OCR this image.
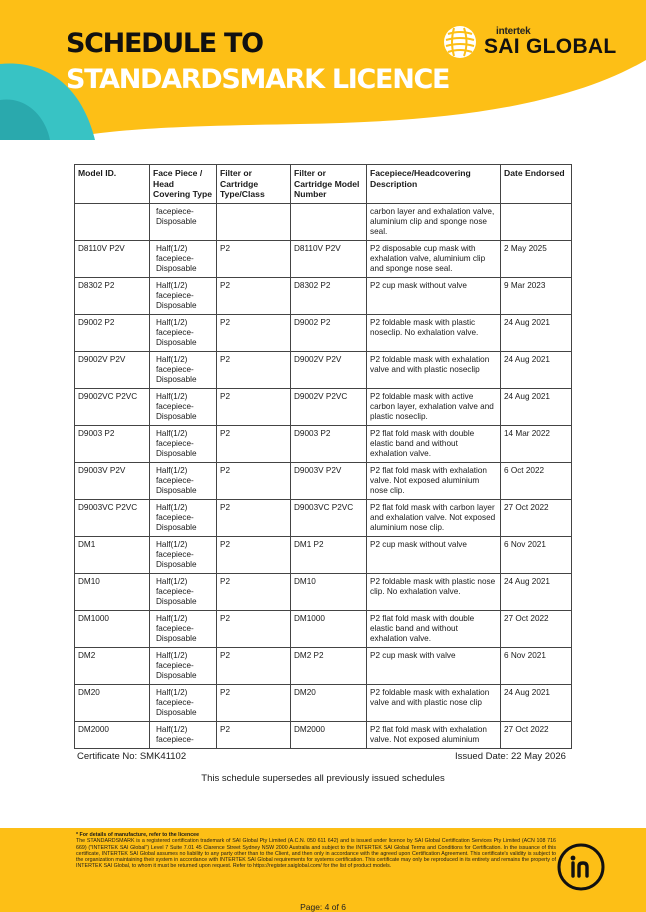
SCHEDULE TO
STANDARDSMARK LICENCE
intertek
SAI GLOBAL
Model ID.	Face Piece / Head Covering Type	Filter or Cartridge Type/Class	Filter or Cartridge Model Number	Facepiece/Headcovering Description	Date Endorsed
	facepiece-Disposable			carbon layer and exhalation valve, aluminium clip and sponge nose seal.	
D8110V P2V	Half(1/2) facepiece-Disposable	P2	D8110V P2V	P2 disposable cup mask with exhalation valve, aluminium clip and sponge nose seal.	2 May 2025
D8302 P2	Half(1/2) facepiece-Disposable	P2	D8302 P2	P2 cup mask without valve	9 Mar 2023
D9002 P2	Half(1/2) facepiece-Disposable	P2	D9002 P2	P2 foldable mask with plastic noseclip. No exhalation valve.	24 Aug 2021
D9002V P2V	Half(1/2) facepiece-Disposable	P2	D9002V P2V	P2 foldable mask with exhalation valve and with plastic noseclip	24 Aug 2021
D9002VC P2VC	Half(1/2) facepiece-Disposable	P2	D9002V P2VC	P2 foldable mask with active carbon layer, exhalation valve and plastic noseclip.	24 Aug 2021
D9003 P2	Half(1/2) facepiece-Disposable	P2	D9003 P2	P2 flat fold mask with double elastic band and without exhalation valve.	14 Mar 2022
D9003V P2V	Half(1/2) facepiece-Disposable	P2	D9003V P2V	P2 flat fold mask with exhalation valve. Not exposed aluminium nose clip.	6 Oct 2022
D9003VC P2VC	Half(1/2) facepiece-Disposable	P2	D9003VC P2VC	P2 flat fold mask with carbon layer and exhalation valve. Not exposed aluminium nose clip.	27 Oct 2022
DM1	Half(1/2) facepiece-Disposable	P2	DM1 P2	P2 cup mask without valve	6 Nov 2021
DM10	Half(1/2) facepiece-Disposable	P2	DM10	P2 foldable mask with plastic nose clip. No exhalation valve.	24 Aug 2021
DM1000	Half(1/2) facepiece-Disposable	P2	DM1000	P2 flat fold mask with double elastic band and without exhalation valve.	27 Oct 2022
DM2	Half(1/2) facepiece-Disposable	P2	DM2 P2	P2 cup mask with valve	6 Nov 2021
DM20	Half(1/2) facepiece-Disposable	P2	DM20	P2 foldable mask with exhalation valve and with plastic nose clip	24 Aug 2021
DM2000	Half(1/2) facepiece-	P2	DM2000	P2 flat fold mask with exhalation valve. Not exposed aluminium	27 Oct 2022
Certificate No: SMK41102	Issued Date: 22 May 2026
This schedule supersedes all previously issued schedules
* For details of manufacture, refer to the licencee
The STANDARDSMARK is a registered certification trademark of SAI Global Pty Limited (A.C.N. 050 611 642) and is issued under licence by SAI Global Certification Services Pty Limited (ACN 108 716 669) ("INTERTEK SAI Global") Level 7 Suite 7.01 45 Clarence Street Sydney NSW 2000 Australia and subject to the INTERTEK SAI Global Terms and Conditions for Certification. In the issuance of this certificate, INTERTEK SAI Global assumes no liability to any party other than to the Client, and then only in accordance with the agreed upon Certification Agreement. This certificate's validity is subject to the organization maintaining their system in accordance with INTERTEK SAI Global requirements for systems certification. This certificate may only be reproduced in its entirety and remains the property of INTERTEK SAI Global, to whom it must be returned upon request. Refer to https://register.saiglobal.com/ for the list of product models.
Page: 4 of 6
